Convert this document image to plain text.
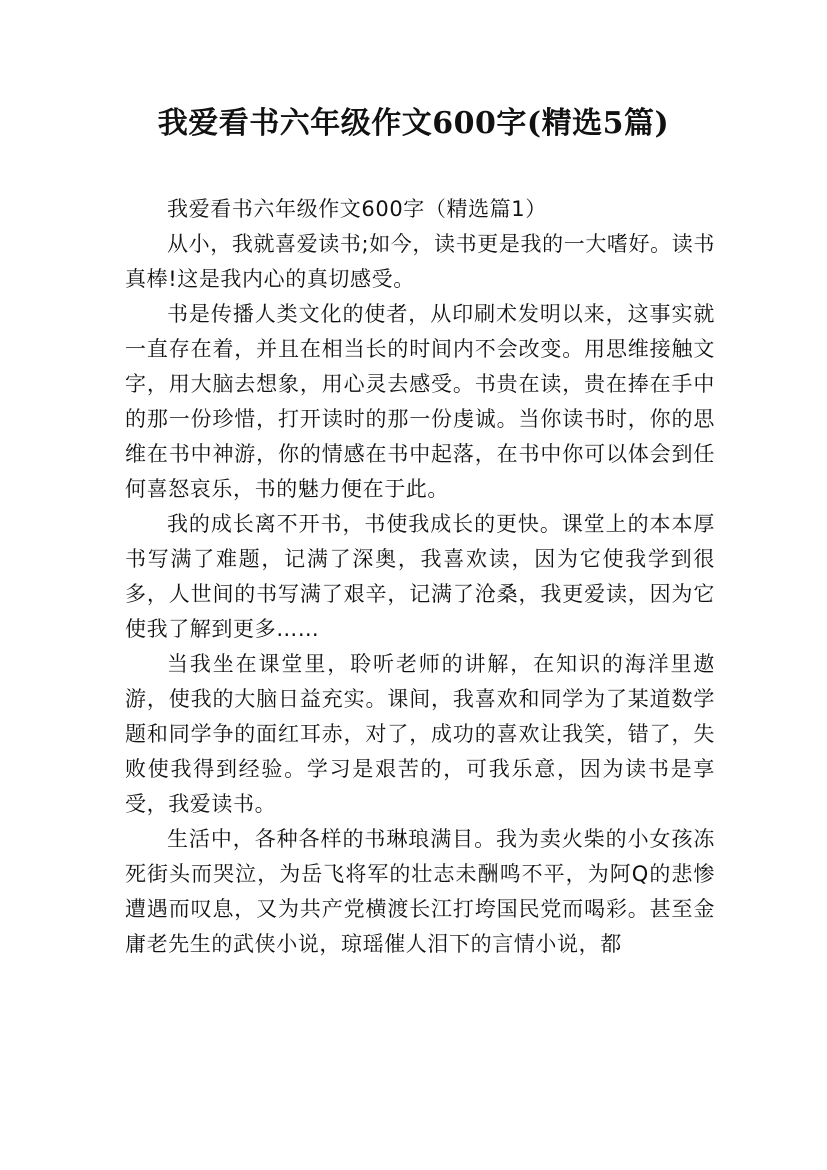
我爱看书六年级作文600字(精选5篇)

我爱看书六年级作文600字（精选篇1）

从小，我就喜爱读书;如今，读书更是我的一大嗜好。读书真棒!这是我内心的真切感受。

书是传播人类文化的使者，从印刷术发明以来，这事实就一直存在着，并且在相当长的时间内不会改变。用思维接触文字，用大脑去想象，用心灵去感受。书贵在读，贵在捧在手中的那一份珍惜，打开读时的那一份虔诚。当你读书时，你的思维在书中神游，你的情感在书中起落，在书中你可以体会到任何喜怒哀乐，书的魅力便在于此。

我的成长离不开书，书使我成长的更快。课堂上的本本厚书写满了难题，记满了深奥，我喜欢读，因为它使我学到很多，人世间的书写满了艰辛，记满了沧桑，我更爱读，因为它使我了解到更多……

当我坐在课堂里，聆听老师的讲解，在知识的海洋里遨游，使我的大脑日益充实。课间，我喜欢和同学为了某道数学题和同学争的面红耳赤，对了，成功的喜欢让我笑，错了，失败使我得到经验。学习是艰苦的，可我乐意，因为读书是享受，我爱读书。

生活中，各种各样的书琳琅满目。我为卖火柴的小女孩冻死街头而哭泣，为岳飞将军的壮志未酬鸣不平，为阿Q的悲惨遭遇而叹息，又为共产党横渡长江打垮国民党而喝彩。甚至金庸老先生的武侠小说，琼瑶催人泪下的言情小说，都
